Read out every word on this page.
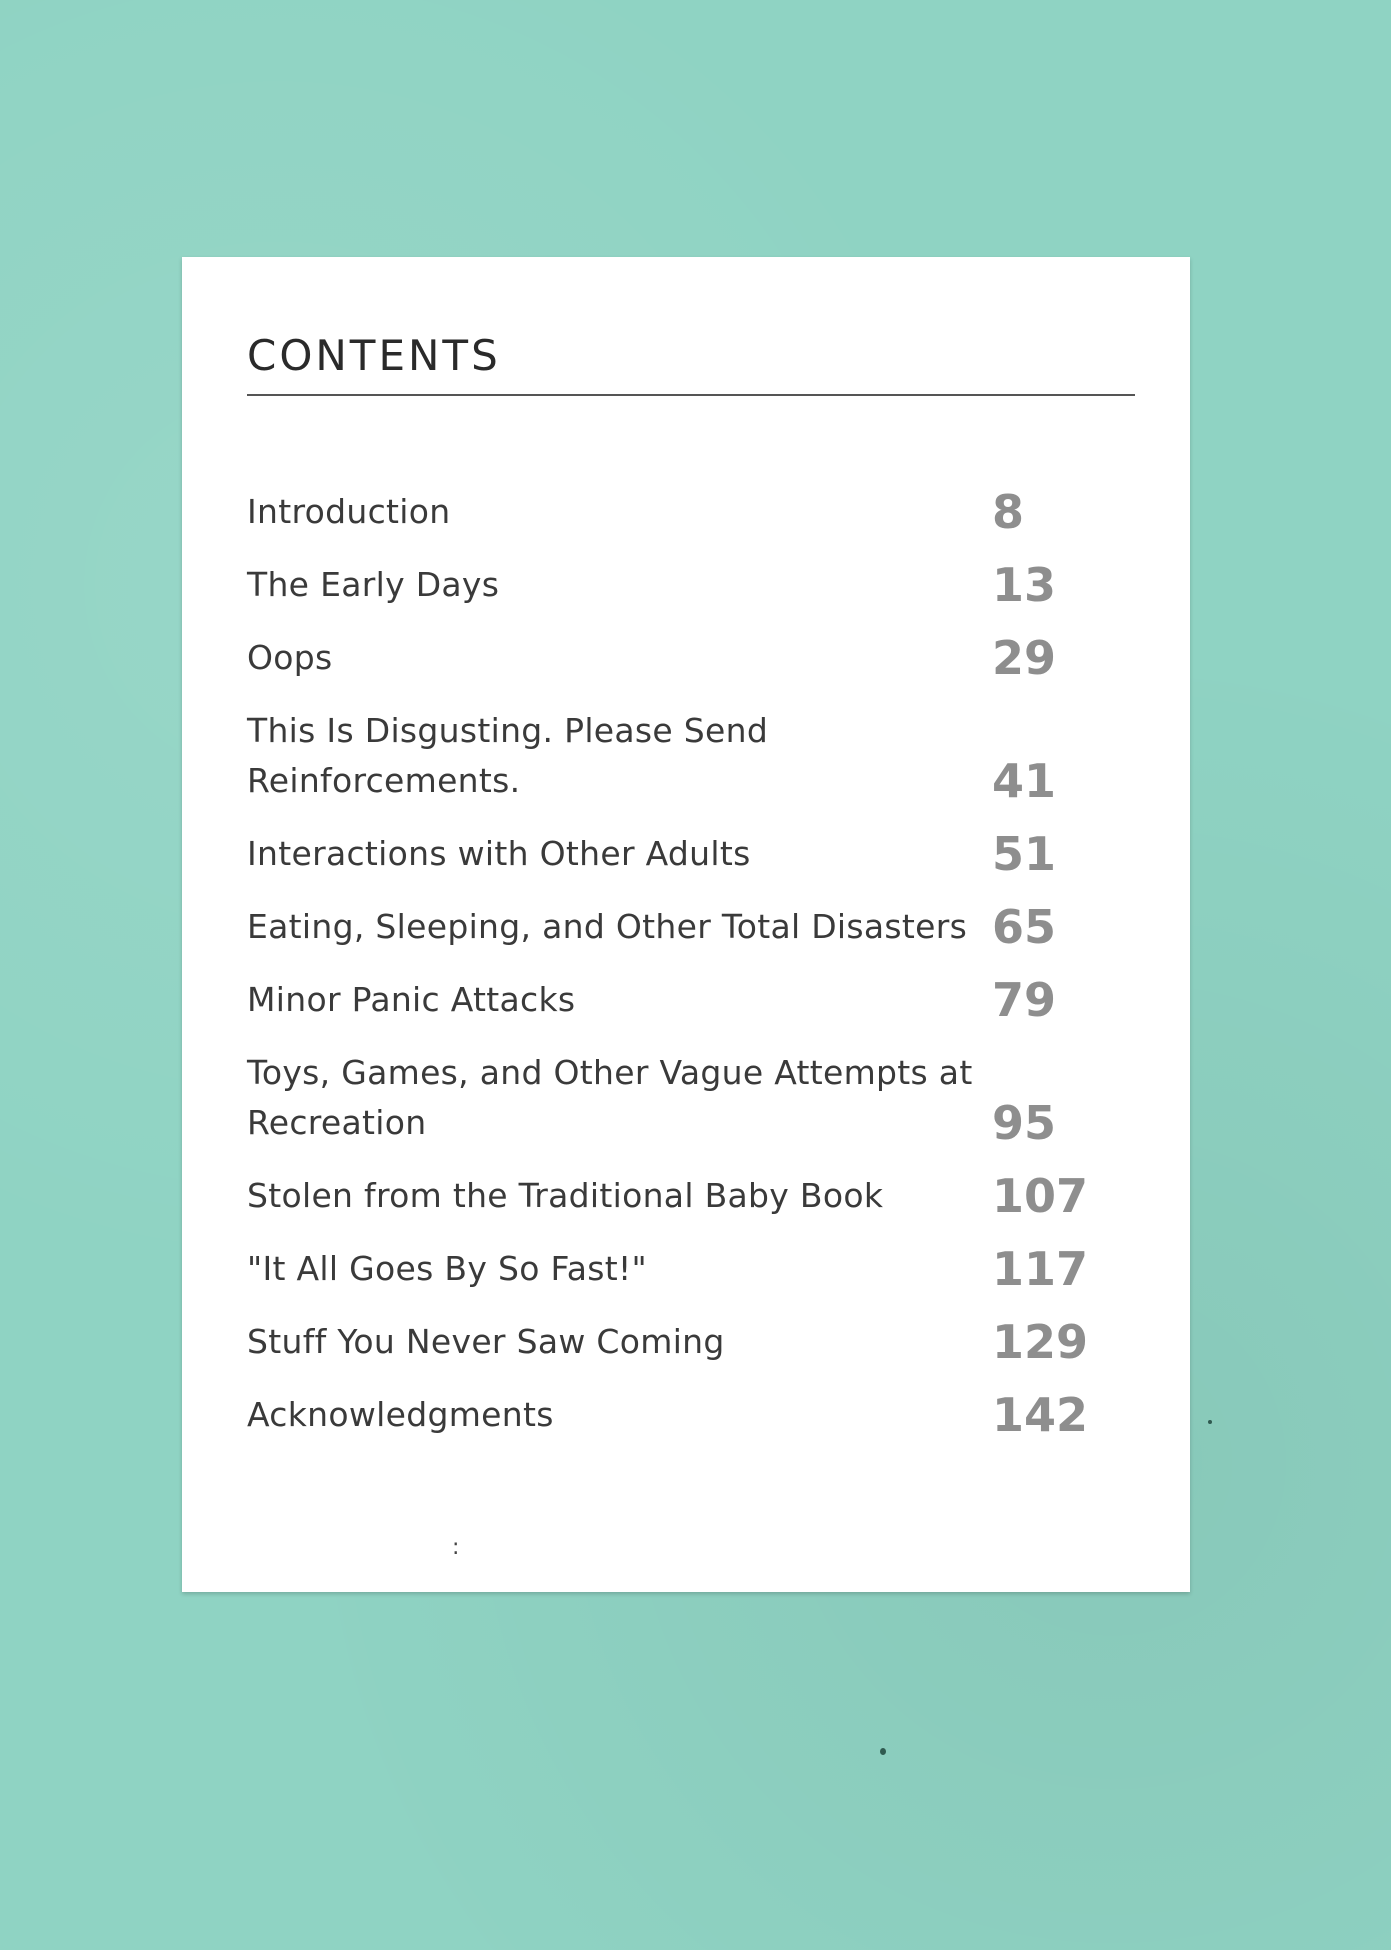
CONTENTS
Introduction	8
The Early Days	13
Oops	29
This Is Disgusting. Please Send Reinforcements.	41
Interactions with Other Adults	51
Eating, Sleeping, and Other Total Disasters 65
Minor Panic Attacks	79
Toys, Games, and Other Vague Attempts at Recreation	95
Stolen from the Traditional Baby Book	107
"It All Goes By So Fast!"	117
Stuff You Never Saw Coming	129
Acknowledgments	142
:
